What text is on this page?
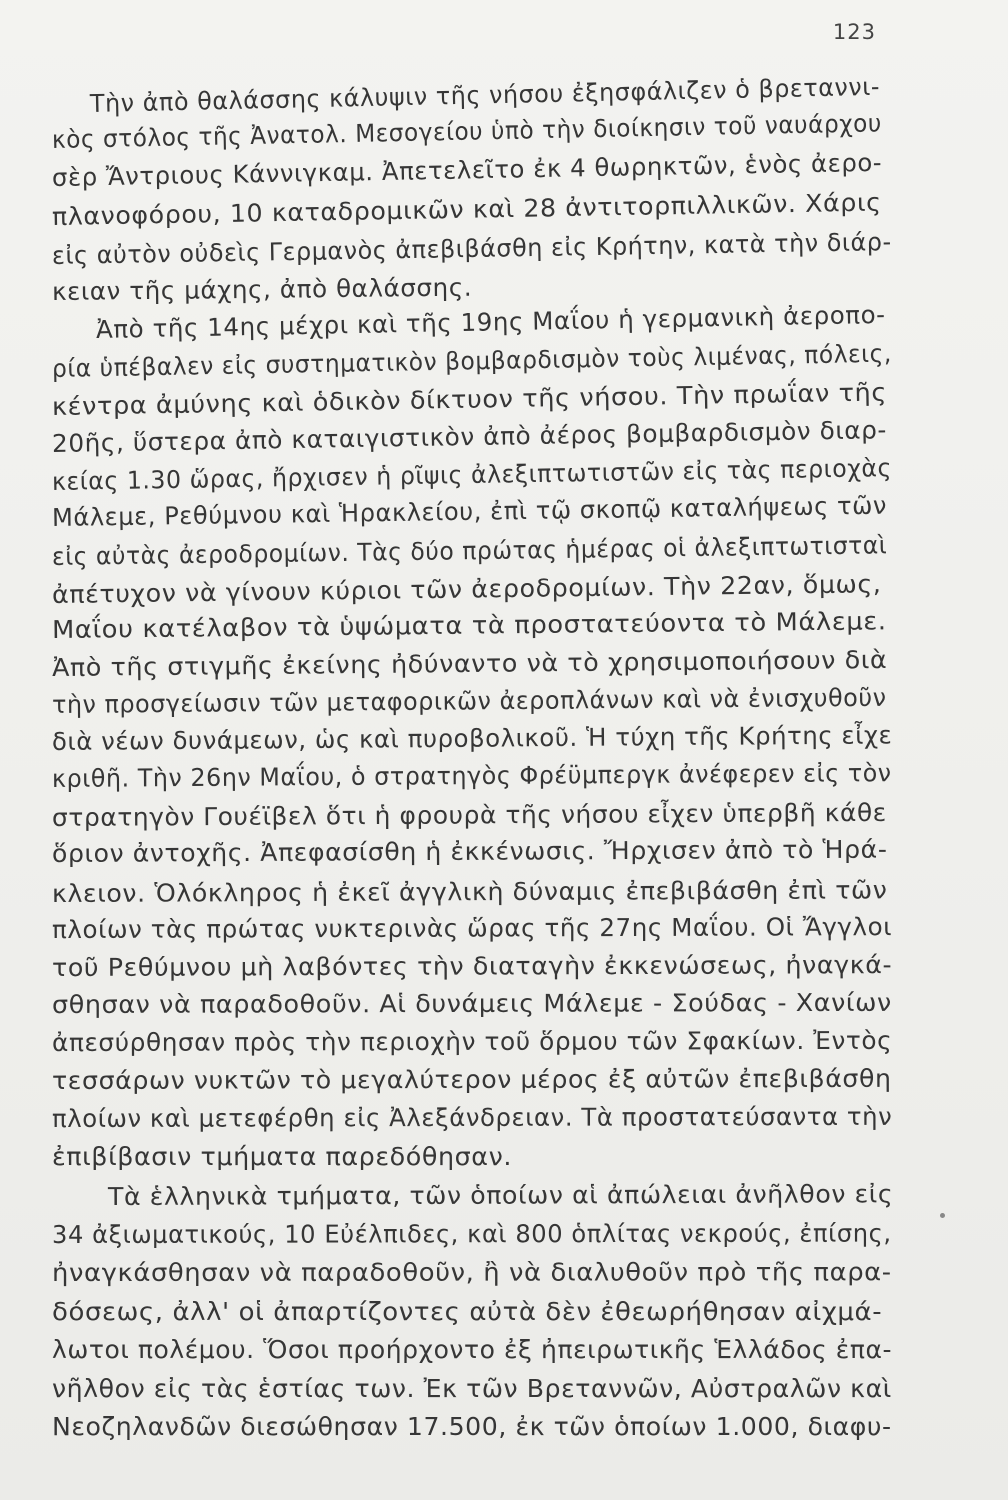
123
Τὴν ἀπὸ θαλάσσης κάλυψιν τῆς νήσου ἐξησφάλιζεν ὁ βρεταννι-
κὸς στόλος τῆς Ἀνατολ. Μεσογείου ὑπὸ τὴν διοίκησιν τοῦ ναυάρχου
σὲρ Ἄντριους Κάννιγκαμ. Ἀπετελεῖτο ἐκ 4 θωρηκτῶν, ἑνὸς ἀερο-
πλανοφόρου, 10 καταδρομικῶν καὶ 28 ἀντιτορπιλλικῶν. Χάρις
εἰς αὐτὸν οὐδεὶς Γερμανὸς ἀπεβιβάσθη εἰς Κρήτην, κατὰ τὴν διάρ-
κειαν τῆς μάχης, ἀπὸ θαλάσσης.
Ἀπὸ τῆς 14ης μέχρι καὶ τῆς 19ης Μαΐου ἡ γερμανικὴ ἀεροπο-
ρία ὑπέβαλεν εἰς συστηματικὸν βομβαρδισμὸν τοὺς λιμένας, πόλεις,
κέντρα ἀμύνης καὶ ὁδικὸν δίκτυον τῆς νήσου. Τὴν πρωΐαν τῆς
20ῆς, ὕστερα ἀπὸ καταιγιστικὸν ἀπὸ ἀέρος βομβαρδισμὸν διαρ-
κείας 1.30 ὥρας, ἤρχισεν ἡ ρῖψις ἀλεξιπτωτιστῶν εἰς τὰς περιοχὰς
Μάλεμε, Ρεθύμνου καὶ Ἡρακλείου, ἐπὶ τῷ σκοπῷ καταλήψεως τῶν
εἰς αὐτὰς ἀεροδρομίων. Τὰς δύο πρώτας ἡμέρας οἱ ἀλεξιπτωτισταὶ
ἀπέτυχον νὰ γίνουν κύριοι τῶν ἀεροδρομίων. Τὴν 22αν, ὅμως,
Μαΐου κατέλαβον τὰ ὑψώματα τὰ προστατεύοντα τὸ Μάλεμε.
Ἀπὸ τῆς στιγμῆς ἐκείνης ἠδύναντο νὰ τὸ χρησιμοποιήσουν διὰ
τὴν προσγείωσιν τῶν μεταφορικῶν ἀεροπλάνων καὶ νὰ ἐνισχυθοῦν
διὰ νέων δυνάμεων, ὡς καὶ πυροβολικοῦ. Ἡ τύχη τῆς Κρήτης εἶχε
κριθῆ. Τὴν 26ην Μαΐου, ὁ στρατηγὸς Φρέϋμπεργκ ἀνέφερεν εἰς τὸν
στρατηγὸν Γουέϊβελ ὅτι ἡ φρουρὰ τῆς νήσου εἶχεν ὑπερβῆ κάθε
ὅριον ἀντοχῆς. Ἀπεφασίσθη ἡ ἐκκένωσις. Ἤρχισεν ἀπὸ τὸ Ἡρά-
κλειον. Ὁλόκληρος ἡ ἐκεῖ ἀγγλικὴ δύναμις ἐπεβιβάσθη ἐπὶ τῶν
πλοίων τὰς πρώτας νυκτερινὰς ὥρας τῆς 27ης Μαΐου. Οἱ Ἄγγλοι
τοῦ Ρεθύμνου μὴ λαβόντες τὴν διαταγὴν ἐκκενώσεως, ἠναγκά-
σθησαν νὰ παραδοθοῦν. Αἱ δυνάμεις Μάλεμε - Σούδας - Χανίων
ἀπεσύρθησαν πρὸς τὴν περιοχὴν τοῦ ὅρμου τῶν Σφακίων. Ἐντὸς
τεσσάρων νυκτῶν τὸ μεγαλύτερον μέρος ἐξ αὐτῶν ἐπεβιβάσθη
πλοίων καὶ μετεφέρθη εἰς Ἀλεξάνδρειαν. Τὰ προστατεύσαντα τὴν
ἐπιβίβασιν τμήματα παρεδόθησαν.
Τὰ ἑλληνικὰ τμήματα, τῶν ὁποίων αἱ ἀπώλειαι ἀνῆλθον εἰς
34 ἀξιωματικούς, 10 Εὐέλπιδες, καὶ 800 ὁπλίτας νεκρούς, ἐπίσης,
ἠναγκάσθησαν νὰ παραδοθοῦν, ἢ νὰ διαλυθοῦν πρὸ τῆς παρα-
δόσεως, ἀλλ' οἱ ἀπαρτίζοντες αὐτὰ δὲν ἐθεωρήθησαν αἰχμά-
λωτοι πολέμου. Ὅσοι προήρχοντο ἐξ ἠπειρωτικῆς Ἑλλάδος ἐπα-
νῆλθον εἰς τὰς ἑστίας των. Ἐκ τῶν Βρεταννῶν, Αὐστραλῶν καὶ
Νεοζηλανδῶν διεσώθησαν 17.500, ἐκ τῶν ὁποίων 1.000, διαφυ-
